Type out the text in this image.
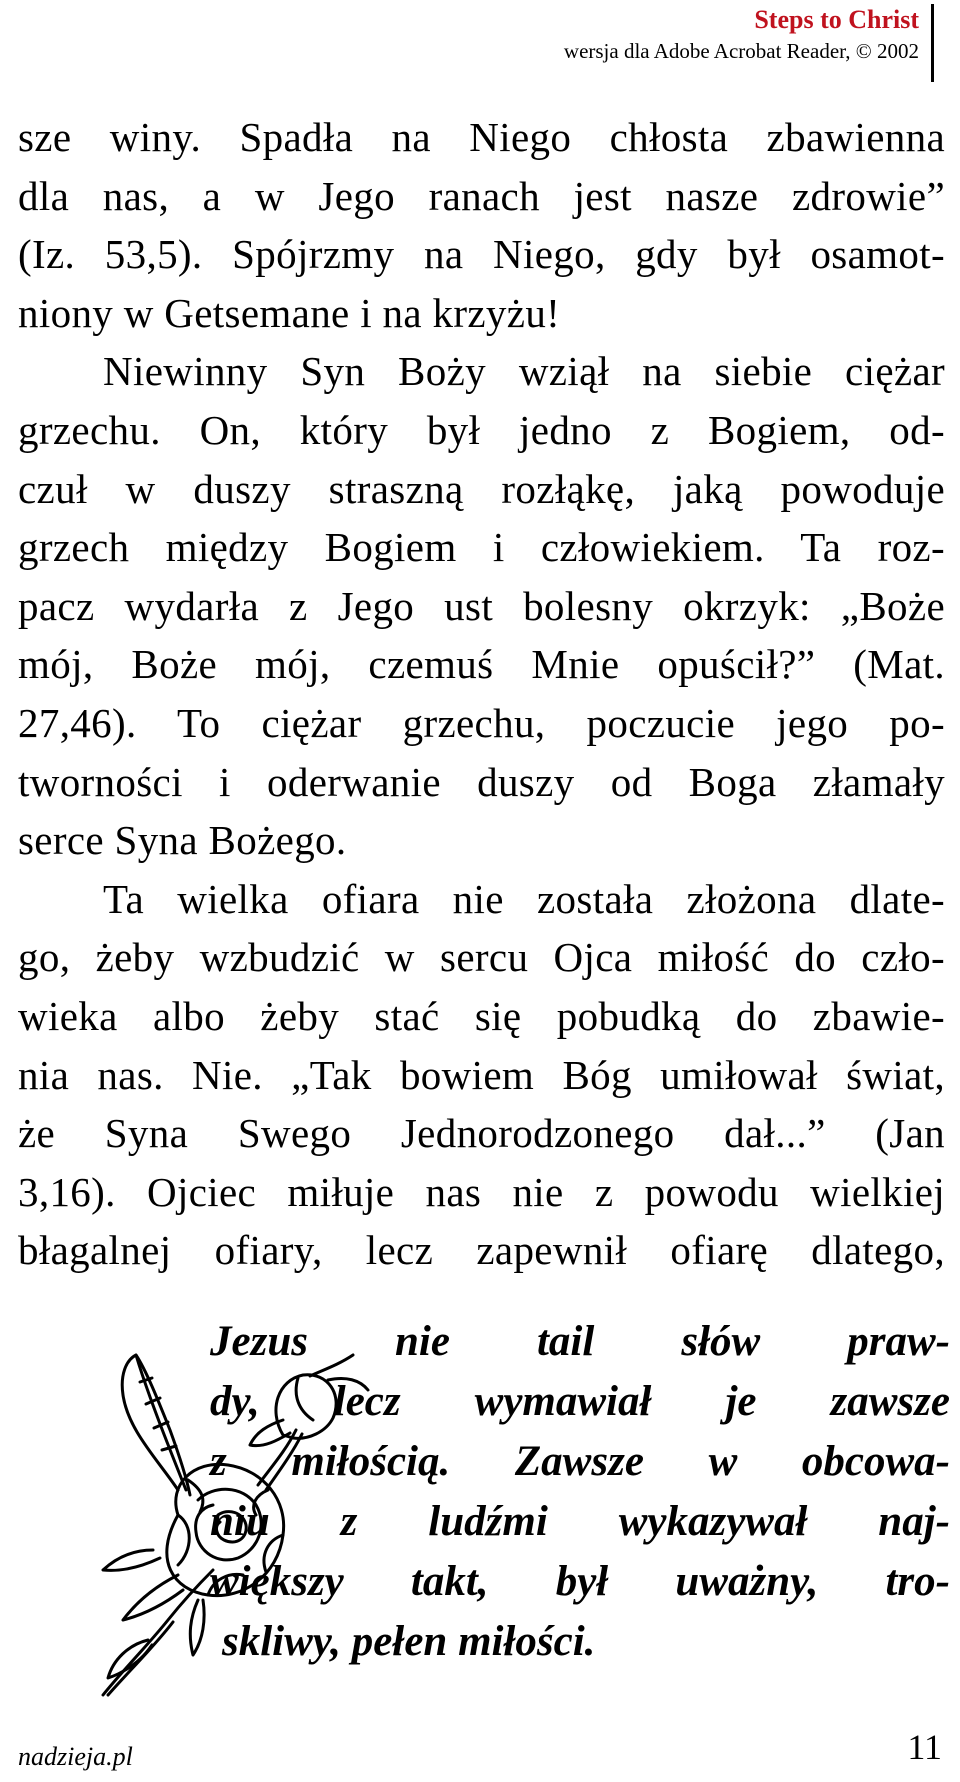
Steps to Christ
wersja dla Adobe Acrobat Reader, © 2002
sze winy. Spadła na Niego chłosta zbawienna
dla nas, a w Jego ranach jest nasze zdrowie”
(Iz. 53,5). Spójrzmy na Niego, gdy był osamot-
niony w Getsemane i na krzyżu!
Niewinny Syn Boży wziął na siebie ciężar
grzechu. On, który był jedno z Bogiem, od-
czuł w duszy straszną rozłąkę, jaką powoduje
grzech między Bogiem i człowiekiem. Ta roz-
pacz wydarła z Jego ust bolesny okrzyk: „Boże
mój, Boże mój, czemuś Mnie opuścił?” (Mat.
27,46). To ciężar grzechu, poczucie jego po-
tworności i oderwanie duszy od Boga złamały
serce Syna Bożego.
Ta wielka ofiara nie została złożona dlate-
go, żeby wzbudzić w sercu Ojca miłość do czło-
wieka albo żeby stać się pobudką do zbawie-
nia nas. Nie. „Tak bowiem Bóg umiłował świat,
że Syna Swego Jednorodzonego dał...” (Jan
3,16). Ojciec miłuje nas nie z powodu wielkiej
błagalnej ofiary, lecz zapewnił ofiarę dlatego,
Jezus nie tail słów praw-
dy, lecz wymawiał je zawsze
z miłością. Zawsze w obcowa-
niu z ludźmi wykazywał naj-
większy takt, był uważny, tro-
skliwy, pełen miłości.
nadzieja.pl	11
